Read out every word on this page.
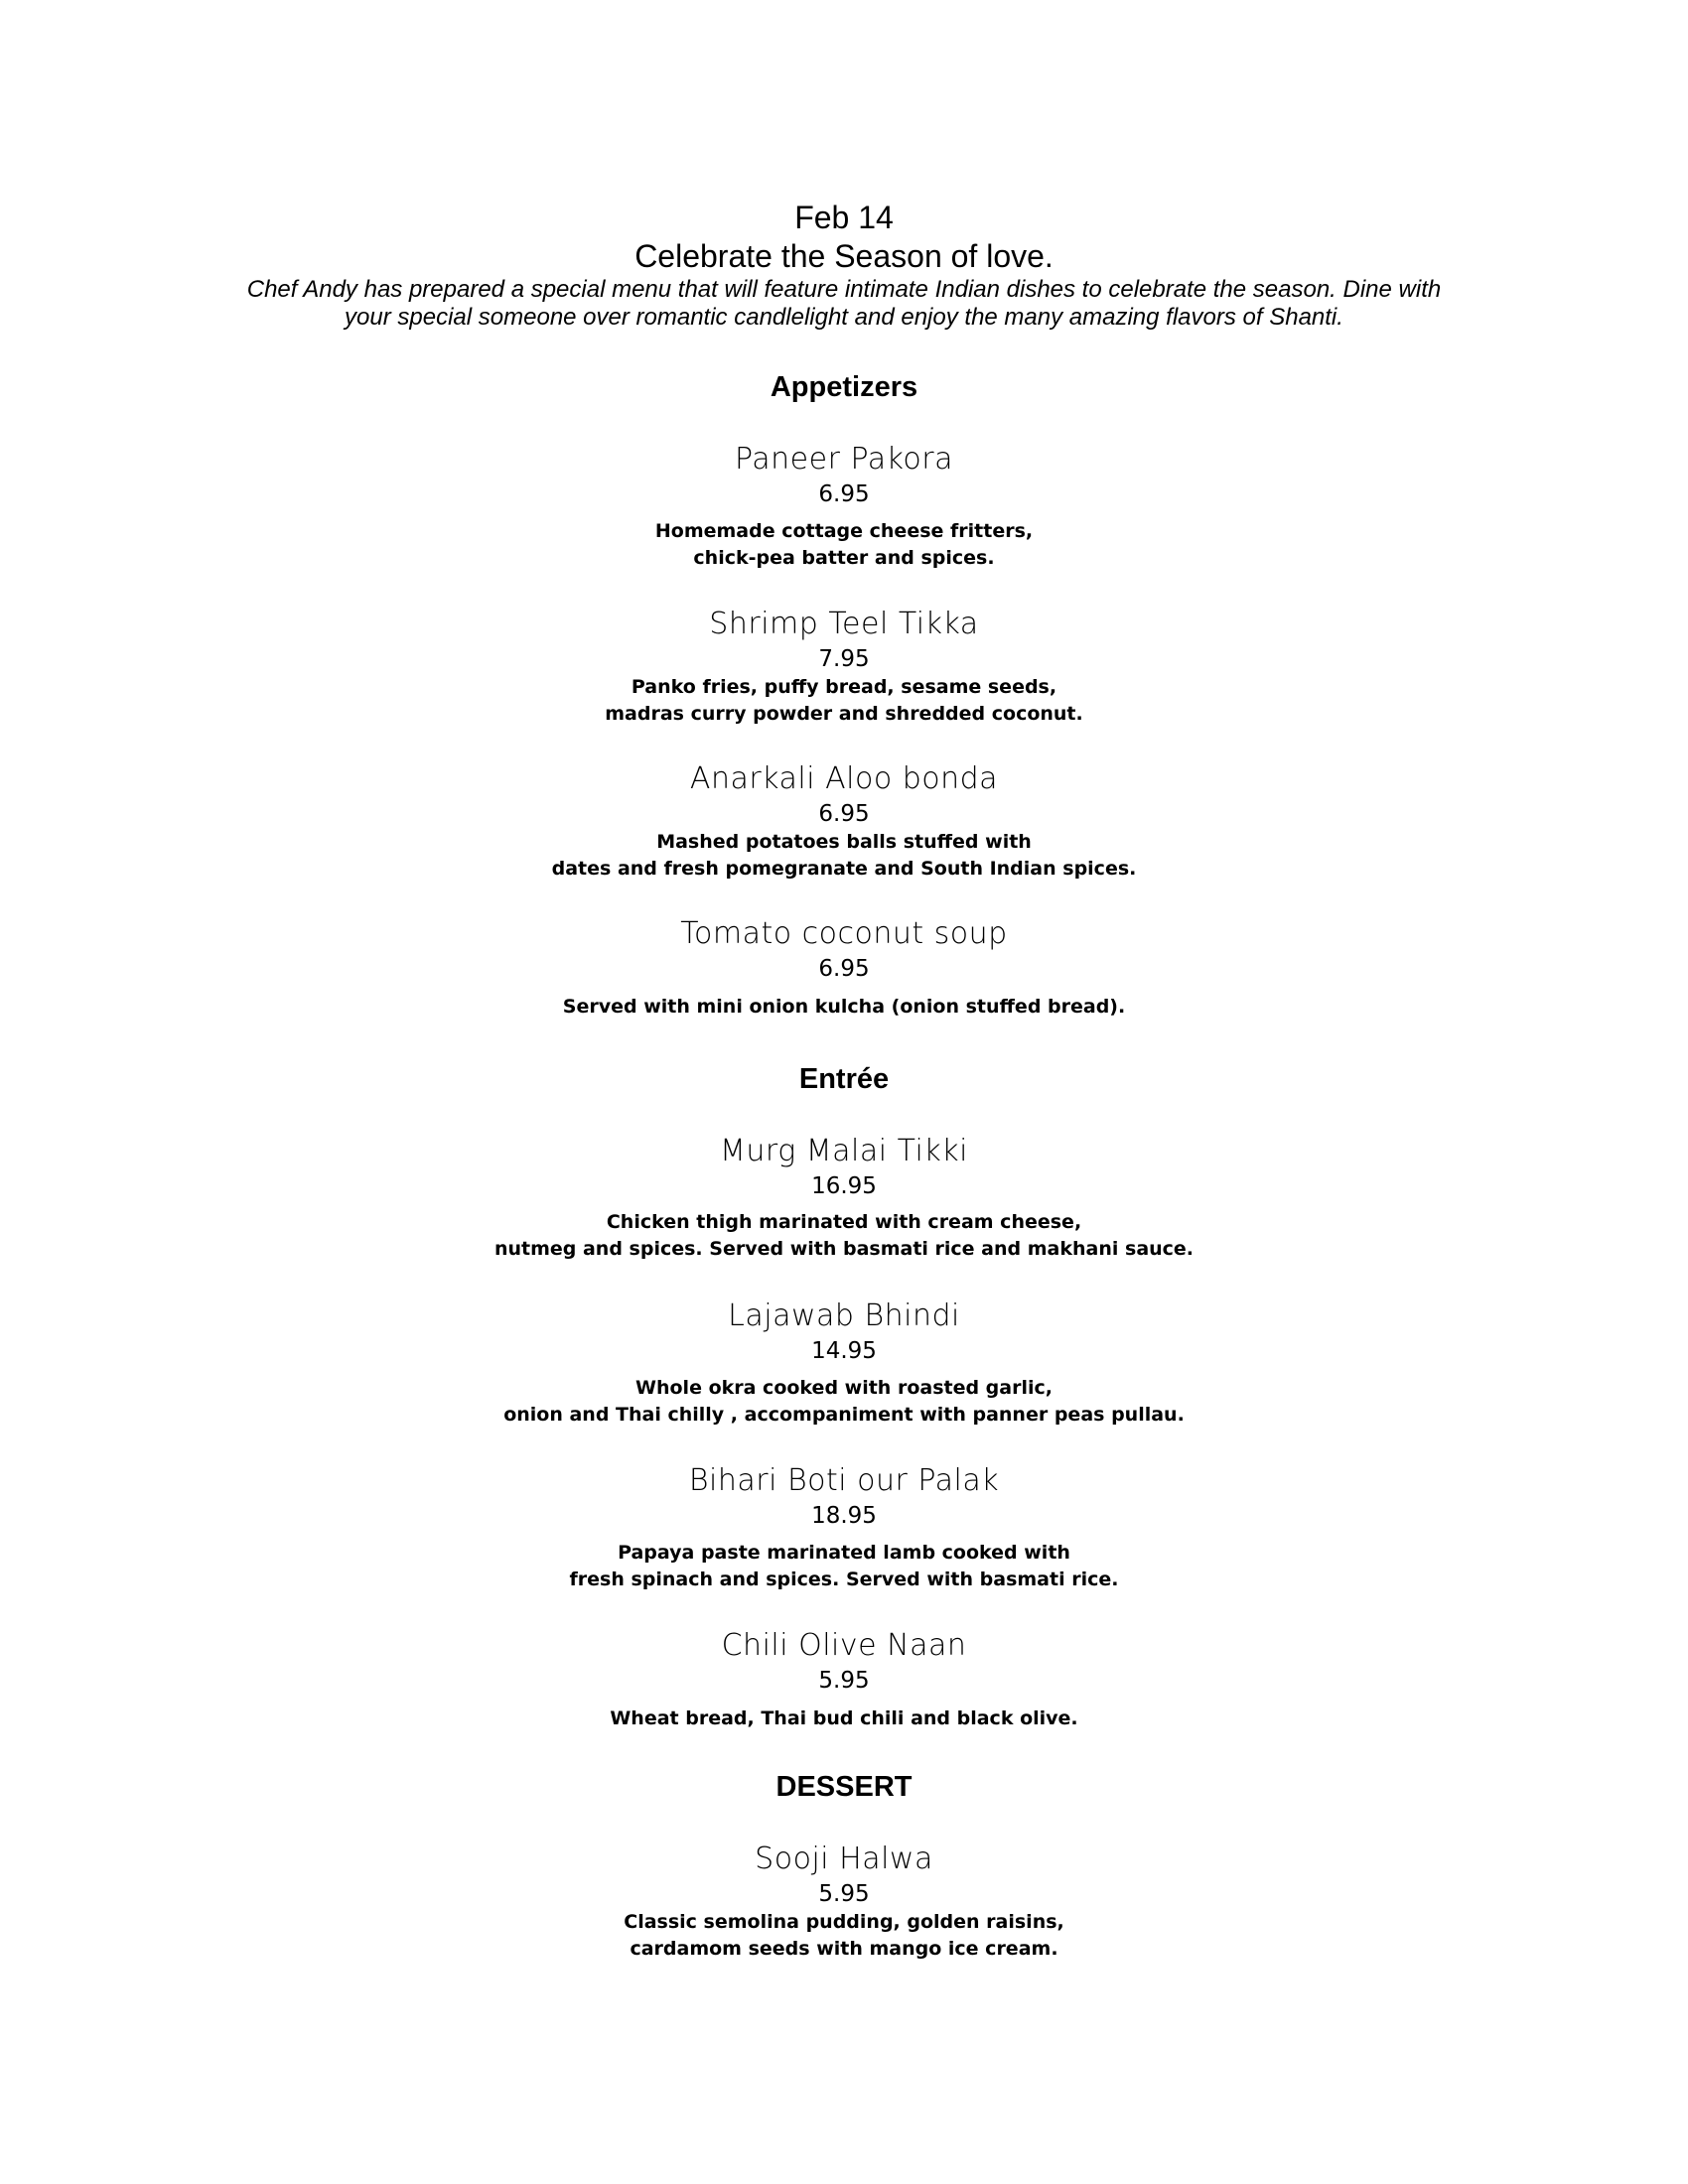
Feb 14
Celebrate the Season of love.
Chef Andy has prepared a special menu that will feature intimate Indian dishes to celebrate the season. Dine with
your special someone over romantic candlelight and enjoy the many amazing flavors of Shanti.
Appetizers
Paneer Pakora
6.95
Homemade cottage cheese fritters,
chick-pea batter and spices.
Shrimp Teel Tikka
7.95
Panko fries, puffy bread, sesame seeds,
madras curry powder and shredded coconut.
Anarkali Aloo bonda
6.95
Mashed potatoes balls stuffed with
dates and fresh pomegranate and South Indian spices.
Tomato coconut soup
6.95
Served with mini onion kulcha (onion stuffed bread).
Entrée
Murg Malai Tikki
16.95
Chicken thigh marinated with cream cheese,
nutmeg and spices. Served with basmati rice and makhani sauce.
Lajawab Bhindi
14.95
Whole okra cooked with roasted garlic,
onion and Thai chilly , accompaniment with panner peas pullau.
Bihari Boti our Palak
18.95
Papaya paste marinated lamb cooked with
fresh spinach and spices. Served with basmati rice.
Chili Olive Naan
5.95
Wheat bread, Thai bud chili and black olive.
DESSERT
Sooji Halwa
5.95
Classic semolina pudding, golden raisins,
cardamom seeds with mango ice cream.
